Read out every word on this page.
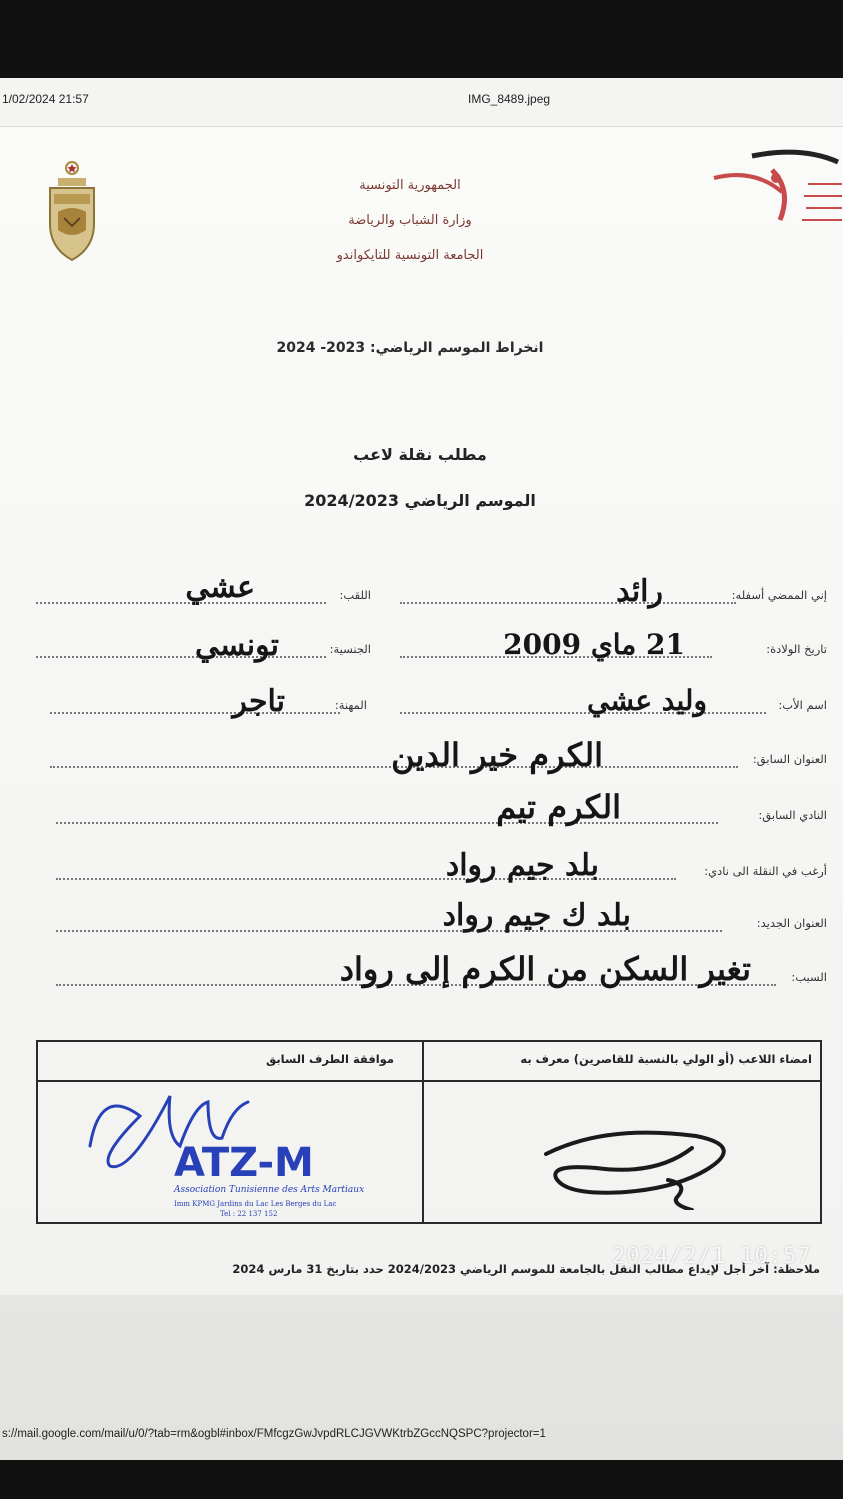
1/02/2024 21:57	IMG_8489.jpeg
الجمهورية التونسية
وزارة الشباب والرياضة
الجامعة التونسية للتايكواندو
انخراط الموسم الرياضي: 2023- 2024
مطلب نقلة لاعب
الموسم الرياضي 2024/2023
إني الممضي أسفله:
رائد
اللقب:
عشي
تاريخ الولادة:
21 ماي 2009
الجنسية:
تونسي
اسم الأب:
وليد عشي
المهنة:
تاجر
العنوان السابق:
الكرم خير الدين
النادي السابق:
الكرم تيم
أرغب في النقلة الى نادي:
بلد جيم رواد
العنوان الجديد:
بلد ك جيم رواد
السبب:
تغير السكن من الكرم إلى رواد
امضاء اللاعب (أو الولي بالنسبة للقاصرين) معرف به
موافقة الطرف السابق
ATZ-M
Association Tunisienne des Arts Martiaux
Imm KPMG Jardins du Lac Les Berges du Lac
Tel : 22 137 152
ملاحظة: آخر أجل لإيداع مطالب النقل بالجامعة للموسم الرياضي 2024/2023 حدد بتاريخ 31 مارس 2024
2024/2/1 10:57
s://mail.google.com/mail/u/0/?tab=rm&ogbl#inbox/FMfcgzGwJvpdRLCJGVWKtrbZGccNQSPC?projector=1
